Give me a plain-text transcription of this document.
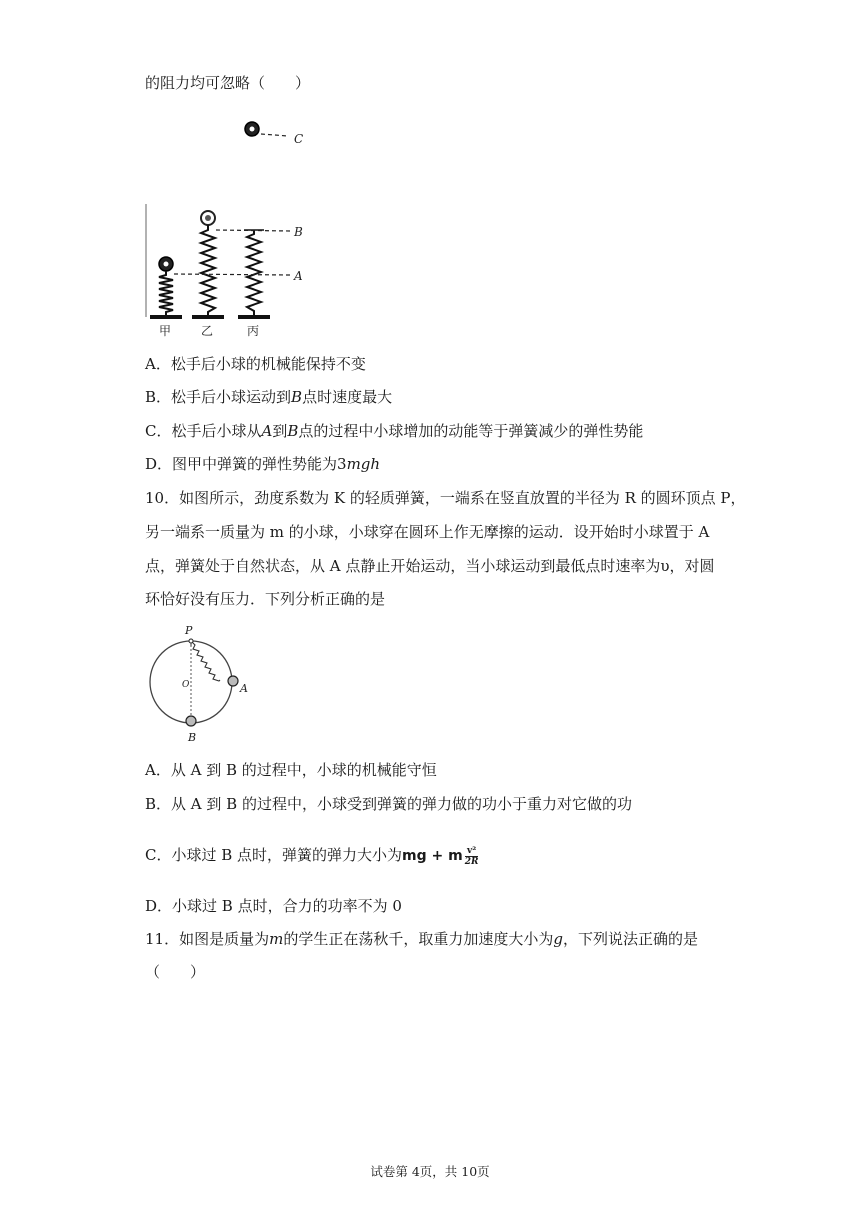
的阻力均可忽略（　　）
C
B
A
甲 乙	丙
A．松手后小球的机械能保持不变
B．松手后小球运动到B点时速度最大
C．松手后小球从A到B点的过程中小球增加的动能等于弹簧减少的弹性势能
D．图甲中弹簧的弹性势能为3mgh
10．如图所示，劲度系数为 K 的轻质弹簧，一端系在竖直放置的半径为 R 的圆环顶点 P，
另一端系一质量为 m 的小球，小球穿在圆环上作无摩擦的运动．设开始时小球置于 A
点，弹簧处于自然状态，从 A 点静止开始运动，当小球运动到最低点时速率为υ，对圆
环恰好没有压力．下列分析正确的是
P
O	A
B
A．从 A 到 B 的过程中，小球的机械能守恒
B．从 A 到 B 的过程中，小球受到弹簧的弹力做的功小于重力对它做的功
C．小球过 B 点时，弹簧的弹力大小为mg + m $\frac{\text{v²}}{2R}$
D．小球过 B 点时，合力的功率不为 0
11．如图是质量为m的学生正在荡秋千，取重力加速度大小为g，下列说法正确的是
（　　）
试卷第 4页，共 10页
